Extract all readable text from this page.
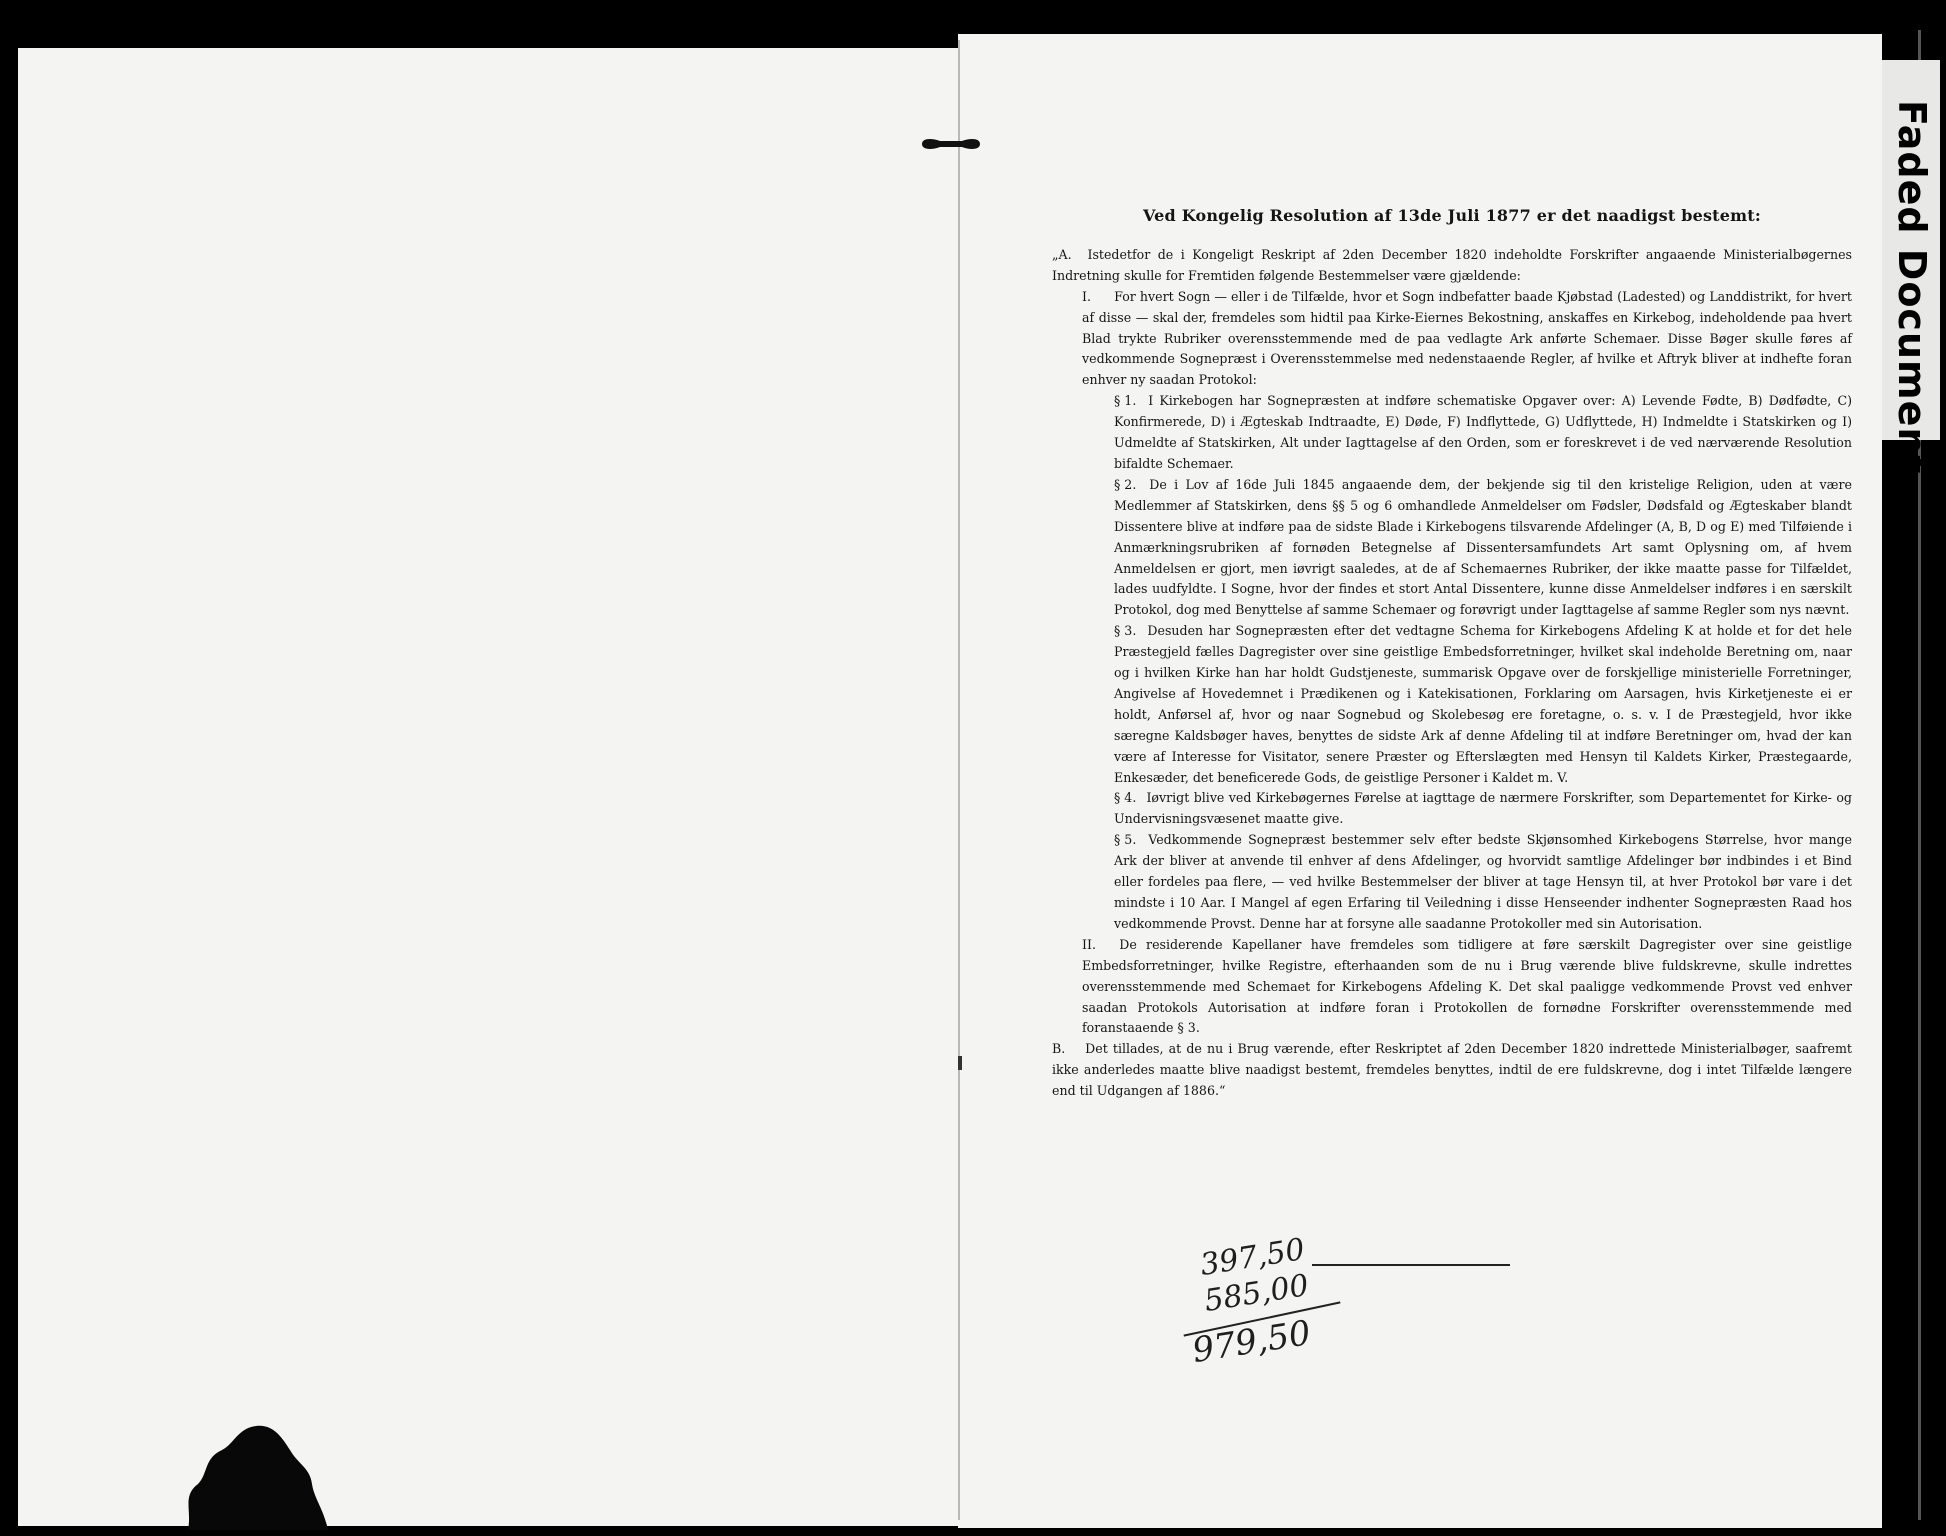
Faded Document
Ved Kongelig Resolution af 13de Juli 1877 er det naadigst bestemt:
„A. Istedetfor de i Kongeligt Reskript af 2den December 1820 indeholdte Forskrifter angaaende Ministerialbøgernes Indretning skulle for Fremtiden følgende Bestemmelser være gjældende:
I. For hvert Sogn — eller i de Tilfælde, hvor et Sogn indbefatter baade Kjøbstad (Ladested) og Landdistrikt, for hvert af disse — skal der, fremdeles som hidtil paa Kirke-Eiernes Bekostning, anskaffes en Kirkebog, indeholdende paa hvert Blad trykte Rubriker overensstemmende med de paa vedlagte Ark anførte Schemaer. Disse Bøger skulle føres af vedkommende Sognepræst i Overensstemmelse med nedenstaaende Regler, af hvilke et Aftryk bliver at indhefte foran enhver ny saadan Protokol:
§ 1. I Kirkebogen har Sognepræsten at indføre schematiske Opgaver over: A) Levende Fødte, B) Dødfødte, C) Konfirmerede, D) i Ægteskab Indtraadte, E) Døde, F) Indflyttede, G) Udflyttede, H) Indmeldte i Statskirken og I) Udmeldte af Statskirken, Alt under Iagttagelse af den Orden, som er foreskrevet i de ved nærværende Resolution bifaldte Schemaer.
§ 2. De i Lov af 16de Juli 1845 angaaende dem, der bekjende sig til den kristelige Religion, uden at være Medlemmer af Statskirken, dens §§ 5 og 6 omhandlede Anmeldelser om Fødsler, Dødsfald og Ægteskaber blandt Dissentere blive at indføre paa de sidste Blade i Kirkebogens tilsvarende Afdelinger (A, B, D og E) med Tilføiende i Anmærkningsrubriken af fornøden Betegnelse af Dissentersamfundets Art samt Oplysning om, af hvem Anmeldelsen er gjort, men iøvrigt saaledes, at de af Schemaernes Rubriker, der ikke maatte passe for Tilfældet, lades uudfyldte. I Sogne, hvor der findes et stort Antal Dissentere, kunne disse Anmeldelser indføres i en særskilt Protokol, dog med Benyttelse af samme Schemaer og forøvrigt under Iagttagelse af samme Regler som nys nævnt.
§ 3. Desuden har Sognepræsten efter det vedtagne Schema for Kirkebogens Afdeling K at holde et for det hele Præstegjeld fælles Dagregister over sine geistlige Embedsforretninger, hvilket skal indeholde Beretning om, naar og i hvilken Kirke han har holdt Gudstjeneste, summarisk Opgave over de forskjellige ministerielle Forretninger, Angivelse af Hovedemnet i Prædikenen og i Katekisationen, Forklaring om Aarsagen, hvis Kirketjeneste ei er holdt, Anførsel af, hvor og naar Sognebud og Skolebesøg ere foretagne, o. s. v. I de Præstegjeld, hvor ikke særegne Kaldsbøger haves, benyttes de sidste Ark af denne Afdeling til at indføre Beretninger om, hvad der kan være af Interesse for Visitator, senere Præster og Efterslægten med Hensyn til Kaldets Kirker, Præstegaarde, Enkesæder, det beneficerede Gods, de geistlige Personer i Kaldet m. V.
§ 4. Iøvrigt blive ved Kirkebøgernes Førelse at iagttage de nærmere Forskrifter, som Departementet for Kirke- og Undervisningsvæsenet maatte give.
§ 5. Vedkommende Sognepræst bestemmer selv efter bedste Skjønsomhed Kirkebogens Størrelse, hvor mange Ark der bliver at anvende til enhver af dens Afdelinger, og hvorvidt samtlige Afdelinger bør indbindes i et Bind eller fordeles paa flere, — ved hvilke Bestemmelser der bliver at tage Hensyn til, at hver Protokol bør vare i det mindste i 10 Aar. I Mangel af egen Erfaring til Veiledning i disse Henseender indhenter Sognepræsten Raad hos vedkommende Provst. Denne har at forsyne alle saadanne Protokoller med sin Autorisation.
II. De residerende Kapellaner have fremdeles som tidligere at føre særskilt Dagregister over sine geistlige Embedsforretninger, hvilke Registre, efterhaanden som de nu i Brug værende blive fuldskrevne, skulle indrettes overensstemmende med Schemaet for Kirkebogens Afdeling K. Det skal paaligge vedkommende Provst ved enhver saadan Protokols Autorisation at indføre foran i Protokollen de fornødne Forskrifter overensstemmende med foranstaaende § 3.
B. Det tillades, at de nu i Brug værende, efter Reskriptet af 2den December 1820 indrettede Ministerialbøger, saafremt ikke anderledes maatte blive naadigst bestemt, fremdeles benyttes, indtil de ere fuldskrevne, dog i intet Tilfælde længere end til Udgangen af 1886.“
397,50
585,00
979,50
